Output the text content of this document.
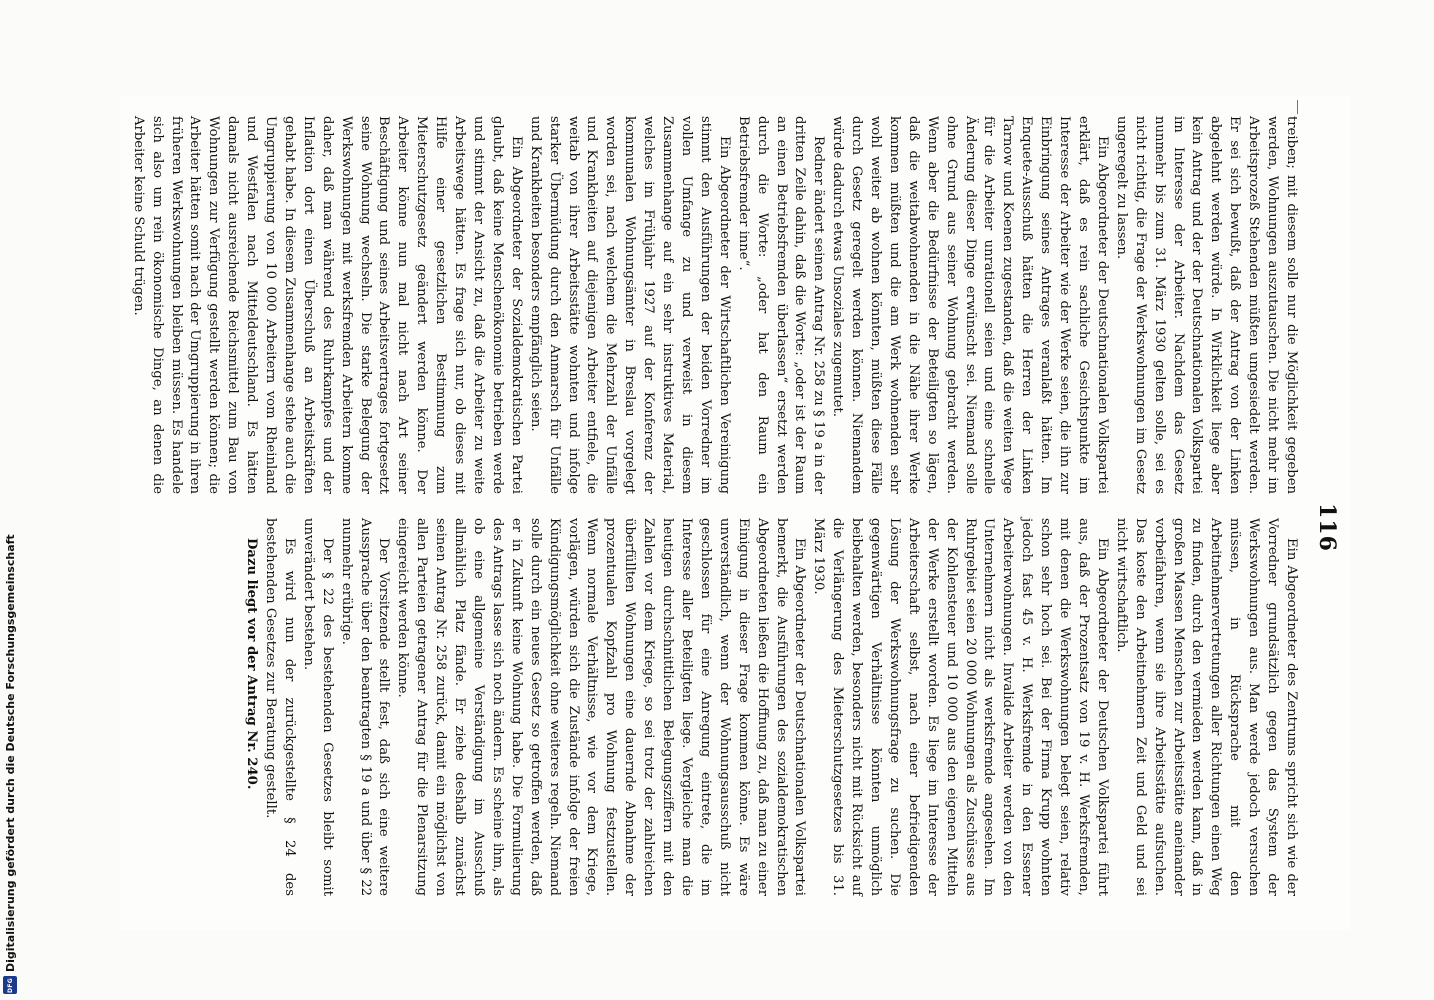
116

treiben; mit diesem solle nur die Möglichkeit gegeben werden, Wohnungen auszutauschen. Die nicht mehr im Arbeitsprozeß Stehenden müßten umgesiedelt werden. Er sei sich bewußt, daß der Antrag von der Linken abgelehnt werden würde. In Wirklichkeit liege aber kein Antrag und der der Deutschnationalen Volkspartei im Interesse der Arbeiter. Nachdem das Gesetz nunmehr bis zum 31. März 1930 gelten solle, sei es nicht richtig, die Frage der Werkswohnungen im Gesetz ungeregelt zu lassen.

Ein Abgeordneter der Deutschnationalen Volkspartei erklärt, daß es rein sachliche Gesichtspunkte im Interesse der Arbeiter wie der Werke seien, die ihn zur Einbringung seines Antrages veranlaßt hätten. Im Enquete-Ausschuß hätten die Herren der Linken Tarnow und Koenen zugestanden, daß die weiten Wege für die Arbeiter unrationell seien und eine schnelle Änderung dieser Dinge erwünscht sei. Niemand solle ohne Grund aus seiner Wohnung gebracht werden. Wenn aber die Bedürfnisse der Beteiligten so lägen, daß die weitabwohnenden in die Nähe ihrer Werke kommen müßten und die am Werk wohnenden sehr wohl weiter ab wohnen könnten, müßten diese Fälle durch Gesetz geregelt werden können. Niemandem würde dadurch etwas Unsoziales zugemutet.

Redner ändert seinen Antrag Nr. 258 zu § 19 a in der dritten Zeile dahin, daß die Worte: „oder ist der Raum an einen Betriebsfremden überlassen“ ersetzt werden durch die Worte: „oder hat den Raum ein Betriebsfremder inne“.

Ein Abgeordneter der Wirtschaftlichen Vereinigung stimmt den Ausführungen der beiden Vorredner im vollen Umfange zu und verweist in diesem Zusammenhange auf ein sehr instruktives Material, welches im Frühjahr 1927 auf der Konferenz der kommunalen Wohnungsämter in Breslau vorgelegt worden sei, nach welchem die Mehrzahl der Unfälle und Krankheiten auf diejenigen Arbeiter entfiele, die weitab von ihrer Arbeitsstätte wohnten und infolge starker Übermüdung durch den Anmarsch für Unfälle und Krankheiten besonders empfänglich seien.

Ein Abgeordneter der Sozialdemokratischen Partei glaubt, daß keine Menschenökonomie betrieben werde und stimmt der Ansicht zu, daß die Arbeiter zu weite Arbeitswege hätten. Es frage sich nur, ob dieses mit Hilfe einer gesetzlichen Bestimmung zum Mieterschutzgesetz geändert werden könne. Der Arbeiter könne nun mal nicht nach Art seiner Beschäftigung und seines Arbeitsvertrages fortgesetzt seine Wohnung wechseln. Die starke Belegung der Werkswohnungen mit werksfremden Arbeitern komme daher, daß man während des Ruhrkampfes und der Inflation dort einen Überschuß an Arbeitskräften gehabt habe. In diesem Zusammenhange stehe auch die Umgruppierung von 10 000 Arbeitern vom Rheinland und Westfalen nach Mitteldeutschland. Es hätten damals nicht ausreichende Reichsmittel zum Bau von Wohnungen zur Verfügung gestellt werden können; die Arbeiter hätten somit nach der Umgruppierung in ihren früheren Werkswohnungen bleiben müssen. Es handele sich also um rein ökonomische Dinge, an denen die Arbeiter keine Schuld trügen.

Ein Abgeordneter des Zentrums spricht sich wie der Vorredner grundsätzlich gegen das System der Werkswohnungen aus. Man werde jedoch versuchen müssen, in Rücksprache mit den Arbeitnehmervertretungen aller Richtungen einen Weg zu finden, durch den vermieden werden kann, daß in großen Massen Menschen zur Arbeitsstätte aneinander vorbeifahren, wenn sie ihre Arbeitsstätte aufsuchen. Das koste den Arbeitnehmern Zeit und Geld und sei nicht wirtschaftlich.

Ein Abgeordneter der Deutschen Volkspartei führt aus, daß der Prozentsatz von 19 v. H. Werksfremden, mit denen die Werkswohnungen belegt seien, relativ schon sehr hoch sei. Bei der Firma Krupp wohnten jedoch fast 45 v. H. Werksfremde in den Essener Arbeiterwohnungen. Invalide Arbeiter werden von den Unternehmern nicht als werksfremde angesehen. Im Ruhrgebiet seien 20 000 Wohnungen als Zuschüsse aus der Kohlensteuer und 10 000 aus den eigenen Mitteln der Werke erstellt worden. Es liege im Interesse der Arbeiterschaft selbst, nach einer befriedigenden Lösung der Werkswohnungsfrage zu suchen. Die gegenwärtigen Verhältnisse könnten unmöglich beibehalten werden, besonders nicht mit Rücksicht auf die Verlängerung des Mieterschutzgesetzes bis 31. März 1930.

Ein Abgeordneter der Deutschnationalen Volkspartei bemerkt, die Ausführungen des sozialdemokratischen Abgeordneten ließen die Hoffnung zu, daß man zu einer Einigung in dieser Frage kommen könne. Es wäre unverständlich, wenn der Wohnungsausschuß nicht geschlossen für eine Anregung eintrete, die im Interesse aller Beteiligten liege. Vergleiche man die heutigen durchschnittlichen Belegungsziffern mit den Zahlen vor dem Kriege, so sei trotz der zahlreichen überfüllten Wohnungen eine dauernde Abnahme der prozentualen Kopfzahl pro Wohnung festzustellen. Wenn normale Verhältnisse, wie vor dem Kriege, vorlägen, würden sich die Zustände infolge der freien Kündigungsmöglichkeit ohne weiteres regeln. Niemand solle durch ein neues Gesetz so getroffen werden, daß er in Zukunft keine Wohnung habe. Die Formulierung des Antrags lasse sich noch ändern. Es scheine ihm, als ob eine allgemeine Verständigung im Ausschuß allmählich Platz fände. Er ziehe deshalb zunächst seinen Antrag Nr. 258 zurück, damit ein möglichst von allen Parteien getragener Antrag für die Plenarsitzung eingereicht werden könne.

Der Vorsitzende stellt fest, daß sich eine weitere Aussprache über den beantragten § 19 a und über § 22 nunmehr erübrige.

Der § 22 des bestehenden Gesetzes bleibt somit unverändert bestehen.

Es wird nun der zurückgestellte § 24 des bestehenden Gesetzes zur Beratung gestellt.

Dazu liegt vor der Antrag Nr. 240.

Digitalisierung gefördert durch die Deutsche Forschungsgemeinschaft
DFG
